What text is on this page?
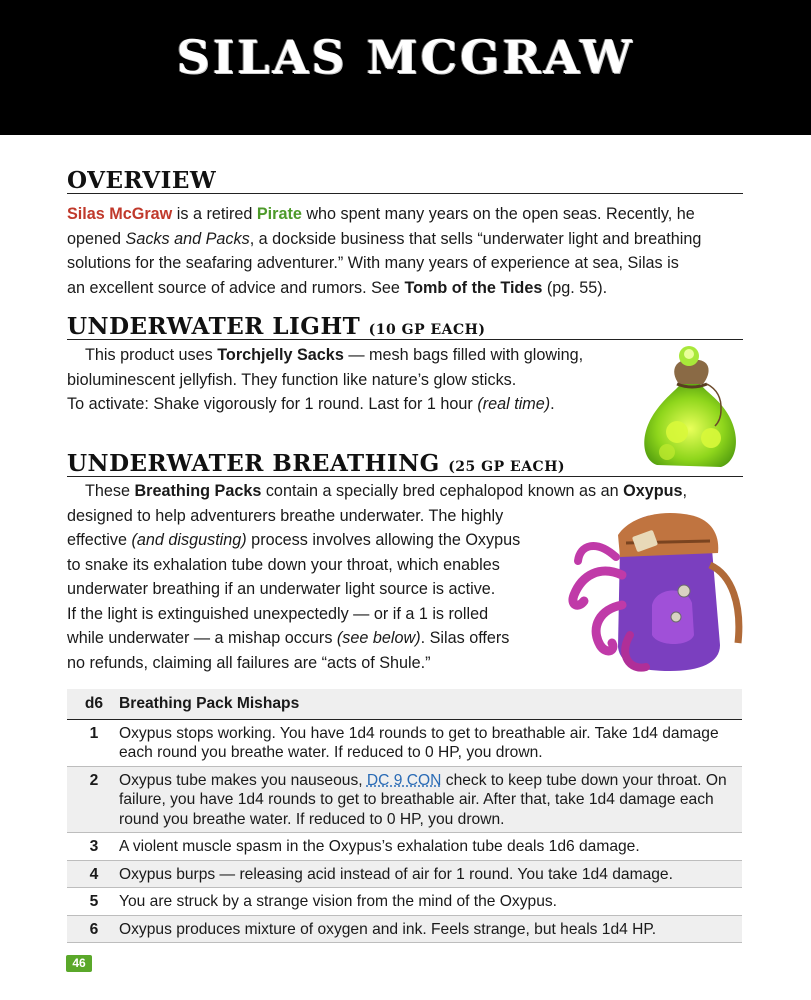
SILAS MCGRAW
OVERVIEW
Silas McGraw is a retired Pirate who spent many years on the open seas. Recently, he
opened Sacks and Packs, a dockside business that sells “underwater light and breathing
solutions for the seafaring adventurer.” With many years of experience at sea, Silas is
an excellent source of advice and rumors. See Tomb of the Tides (pg. 55).
UNDERWATER LIGHT (10 GP EACH)
This product uses Torchjelly Sacks — mesh bags filled with glowing,
bioluminescent jellyfish. They function like nature’s glow sticks.
To activate: Shake vigorously for 1 round. Last for 1 hour (real time).
UNDERWATER BREATHING (25 GP EACH)
These Breathing Packs contain a specially bred cephalopod known as an Oxypus,
designed to help adventurers breathe underwater. The highly
effective (and disgusting) process involves allowing the Oxypus
to snake its exhalation tube down your throat, which enables
underwater breathing if an underwater light source is active.
If the light is extinguished unexpectedly — or if a 1 is rolled
while underwater — a mishap occurs (see below). Silas offers
no refunds, claiming all failures are “acts of Shule.”
d6	Breathing Pack Mishaps
1	Oxypus stops working. You have 1d4 rounds to get to breathable air. Take 1d4 damage each round you breathe water. If reduced to 0 HP, you drown.
2	Oxypus tube makes you nauseous, DC 9 CON check to keep tube down your throat. On failure, you have 1d4 rounds to get to breathable air. After that, take 1d4 damage each round you breathe water. If reduced to 0 HP, you drown.
3	A violent muscle spasm in the Oxypus’s exhalation tube deals 1d6 damage.
4	Oxypus burps — releasing acid instead of air for 1 round. You take 1d4 damage.
5	You are struck by a strange vision from the mind of the Oxypus.
6	Oxypus produces mixture of oxygen and ink. Feels strange, but heals 1d4 HP.
46
